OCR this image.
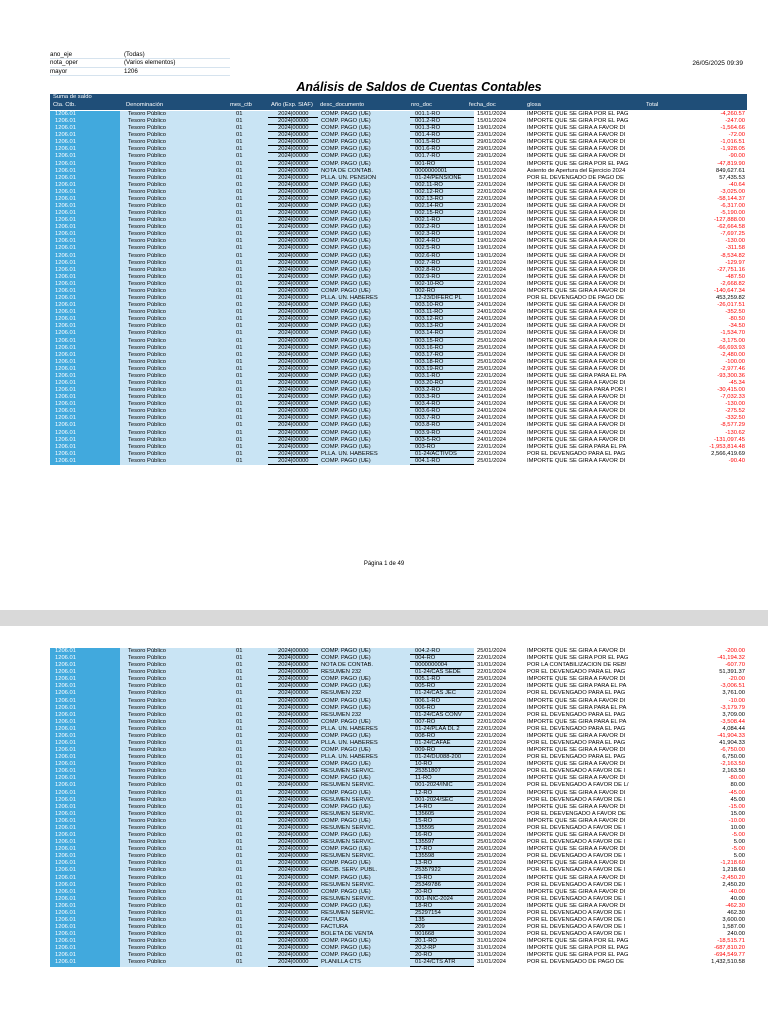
ano_eje	(Todas)
nota_oper	(Varios elementos)
mayor	1206
26/05/2025 09:39
Análisis de Saldos de Cuentas Contables
Suma de saldo
Cta. Ctb.	Denominación	mes_ctb	Año (Exp. SIAF) desc_documento	nro_doc	fecha_doc	glosa	Total
1206.01	Tesoro Público	01	2024|00000	COMP. PAGO (UE)	001.1-RO	15/01/2024	IMPORTE QUE SE GIRA POR EL PAG	-4,260.57
1206.01	Tesoro Público	01	2024|00000	COMP. PAGO (UE)	001.2-RO	15/01/2024	IMPORTE QUE SE GIRA POR EL PAG	-247.00
1206.01	Tesoro Público	01	2024|00000	COMP. PAGO (UE)	001.3-RO	19/01/2024	IMPORTE QUE SE GIRA A FAVOR DI	-1,564.66
1206.01	Tesoro Público	01	2024|00000	COMP. PAGO (UE)	001.4-RO	23/01/2024	IMPORTE QUE SE GIRA A FAVOR DI	-72.00
1206.01	Tesoro Público	01	2024|00000	COMP. PAGO (UE)	001.5-RO	29/01/2024	IMPORTE QUE SE GIRA A FAVOR DI	-1,016.51
1206.01	Tesoro Público	01	2024|00000	COMP. PAGO (UE)	001.6-RO	29/01/2024	IMPORTE QUE SE GIRA A FAVOR DI	-1,928.05
1206.01	Tesoro Público	01	2024|00000	COMP. PAGO (UE)	001.7-RO	29/01/2024	IMPORTE QUE SE GIRA A FAVOR DI	-90.00
1206.01	Tesoro Público	01	2024|00000	COMP. PAGO (UE)	001-RO	15/01/2024	IMPORTE QUE SE GIRA POR EL PAG	-47,819.90
1206.01	Tesoro Público	01	2024|00000	NOTA DE CONTAB.	0000000001	01/01/2024	Asiento de Apertura del Ejercicio 2024	849,627.61
1206.01	Tesoro Público	01	2024|00000	PLLA. UN. PENSION	01-24/PENSIONE	15/01/2024	POR EL DEVENGADO DE PAGO DE	57,435.53
1206.01	Tesoro Público	01	2024|00000	COMP. PAGO (UE)	002.11-RO	22/01/2024	IMPORTE QUE SE GIRA A FAVOR DI	-40.64
1206.01	Tesoro Público	01	2024|00000	COMP. PAGO (UE)	002.12-RO	22/01/2024	IMPORTE QUE SE GIRA A FAVOR DI	-3,025.00
1206.01	Tesoro Público	01	2024|00000	COMP. PAGO (UE)	002.13-RO	22/01/2024	IMPORTE QUE SE GIRA A FAVOR DI	-58,144.37
1206.01	Tesoro Público	01	2024|00000	COMP. PAGO (UE)	002.14-RO	23/01/2024	IMPORTE QUE SE GIRA A FAVOR DI	-6,317.00
1206.01	Tesoro Público	01	2024|00000	COMP. PAGO (UE)	002.15-RO	23/01/2024	IMPORTE QUE SE GIRA A FAVOR DI	-5,190.00
1206.01	Tesoro Público	01	2024|00000	COMP. PAGO (UE)	002.1-RO	18/01/2024	IMPORTE QUE SE GIRA A FAVOR DI	-127,888.00
1206.01	Tesoro Público	01	2024|00000	COMP. PAGO (UE)	002.2-RO	18/01/2024	IMPORTE QUE SE GIRA A FAVOR DI	-62,664.58
1206.01	Tesoro Público	01	2024|00000	COMP. PAGO (UE)	002.3-RO	19/01/2024	IMPORTE QUE SE GIRA A FAVOR DI	-7,697.25
1206.01	Tesoro Público	01	2024|00000	COMP. PAGO (UE)	002.4-RO	19/01/2024	IMPORTE QUE SE GIRA A FAVOR DI	-130.00
1206.01	Tesoro Público	01	2024|00000	COMP. PAGO (UE)	002.5-RO	19/01/2024	IMPORTE QUE SE GIRA A FAVOR DI	-311.58
1206.01	Tesoro Público	01	2024|00000	COMP. PAGO (UE)	002.6-RO	19/01/2024	IMPORTE QUE SE GIRA A FAVOR DI	-8,534.82
1206.01	Tesoro Público	01	2024|00000	COMP. PAGO (UE)	002.7-RO	19/01/2024	IMPORTE QUE SE GIRA A FAVOR DI	-129.97
1206.01	Tesoro Público	01	2024|00000	COMP. PAGO (UE)	002.8-RO	22/01/2024	IMPORTE QUE SE GIRA A FAVOR DI	-27,751.16
1206.01	Tesoro Público	01	2024|00000	COMP. PAGO (UE)	002.9-RO	22/01/2024	IMPORTE QUE SE GIRA A FAVOR DI	-487.50
1206.01	Tesoro Público	01	2024|00000	COMP. PAGO (UE)	002-10-RO	22/01/2024	IMPORTE QUE SE GIRA A FAVOR DI	-2,668.82
1206.01	Tesoro Público	01	2024|00000	COMP. PAGO (UE)	002-RO	16/01/2024	IMPORTE QUE SE GIRA A FAVOR DI	-140,647.34
1206.01	Tesoro Público	01	2024|00000	PLLA. UN. HABERES	12-23/DIFERC PL	16/01/2024	POR EL DEVENGADO DE PAGO DE	453,259.82
1206.01	Tesoro Público	01	2024|00000	COMP. PAGO (UE)	003.10-RO	24/01/2024	IMPORTE QUE SE GIRA A FAVOR DI	-26,017.51
1206.01	Tesoro Público	01	2024|00000	COMP. PAGO (UE)	003.11-RO	24/01/2024	IMPORTE QUE SE GIRA A FAVOR DI	-352.50
1206.01	Tesoro Público	01	2024|00000	COMP. PAGO (UE)	003.12-RO	24/01/2024	IMPORTE QUE SE GIRA A FAVOR DI	-80.50
1206.01	Tesoro Público	01	2024|00000	COMP. PAGO (UE)	003.13-RO	24/01/2024	IMPORTE QUE SE GIRA A FAVOR DI	-34.50
1206.01	Tesoro Público	01	2024|00000	COMP. PAGO (UE)	003.14-RO	25/01/2024	IMPORTE QUE SE GIRA A FAVOR DI	-1,534.70
1206.01	Tesoro Público	01	2024|00000	COMP. PAGO (UE)	003.15-RO	25/01/2024	IMPORTE QUE SE GIRA A FAVOR DI	-3,175.00
1206.01	Tesoro Público	01	2024|00000	COMP. PAGO (UE)	003.16-RO	25/01/2024	IMPORTE QUE SE GIRA A FAVOR DI	-66,693.93
1206.01	Tesoro Público	01	2024|00000	COMP. PAGO (UE)	003.17-RO	25/01/2024	IMPORTE QUE SE GIRA A FAVOR DI	-2,480.00
1206.01	Tesoro Público	01	2024|00000	COMP. PAGO (UE)	003.18-RO	25/01/2024	IMPORTE QUE SE GIRA A FAVOR DI	-100.00
1206.01	Tesoro Público	01	2024|00000	COMP. PAGO (UE)	003.19-RO	25/01/2024	IMPORTE QUE SE GIRA A FAVOR DI	-2,977.46
1206.01	Tesoro Público	01	2024|00000	COMP. PAGO (UE)	003.1-RO	22/01/2024	IMPORTE QUE SE GIRA PARA EL PA	-93,300.36
1206.01	Tesoro Público	01	2024|00000	COMP. PAGO (UE)	003.20-RO	25/01/2024	IMPORTE QUE SE GIRA A FAVOR DI	-45.34
1206.01	Tesoro Público	01	2024|00000	COMP. PAGO (UE)	003.2-RO	22/01/2024	IMPORTE QUE SE GIRA PARA POR I	-30,415.00
1206.01	Tesoro Público	01	2024|00000	COMP. PAGO (UE)	003.3-RO	24/01/2024	IMPORTE QUE SE GIRA A FAVOR DI	-7,032.33
1206.01	Tesoro Público	01	2024|00000	COMP. PAGO (UE)	003.4-RO	24/01/2024	IMPORTE QUE SE GIRA A FAVOR DI	-130.00
1206.01	Tesoro Público	01	2024|00000	COMP. PAGO (UE)	003.6-RO	24/01/2024	IMPORTE QUE SE GIRA A FAVOR DI	-275.52
1206.01	Tesoro Público	01	2024|00000	COMP. PAGO (UE)	003.7-RO	24/01/2024	IMPORTE QUE SE GIRA A FAVOR DI	-332.50
1206.01	Tesoro Público	01	2024|00000	COMP. PAGO (UE)	003.8-RO	24/01/2024	IMPORTE QUE SE GIRA A FAVOR DI	-8,577.29
1206.01	Tesoro Público	01	2024|00000	COMP. PAGO (UE)	003.9-RO	24/01/2024	IMPORTE QUE SE GIRA A FAVOR DI	-130.62
1206.01	Tesoro Público	01	2024|00000	COMP. PAGO (UE)	003-5-RO	24/01/2024	IMPORTE QUE SE GIRA A FAVOR DI	-131,097.45
1206.01	Tesoro Público	01	2024|00000	COMP. PAGO (UE)	003-RO	22/01/2024	IMPORTE QUE SE GIRA PARA EL PA	-1,953,814.48
1206.01	Tesoro Público	01	2024|00000	PLLA. UN. HABERES	01-24/ACTIVOS	22/01/2024	POR EL DEVENGADO PARA EL PAG	2,566,419.69
1206.01	Tesoro Público	01	2024|00000	COMP. PAGO (UE)	004.1-RO	25/01/2024	IMPORTE QUE SE GIRA A FAVOR DI	-90.40
Página 1 de 49
1206.01	Tesoro Público	01	2024|00000	COMP. PAGO (UE)	004.2-RO	25/01/2024	IMPORTE QUE SE GIRA A FAVOR DI	-200.00
1206.01	Tesoro Público	01	2024|00000	COMP. PAGO (UE)	004-RO	22/01/2024	IMPORTE QUE SE GIRA POR EL PAG	-41,194.32
1206.01	Tesoro Público	01	2024|00000	NOTA DE CONTAB.	0000000004	31/01/2024	POR LA CONTABILIZACION DE REB!	-607.70
1206.01	Tesoro Público	01	2024|00000	RESUMEN 232	01-24/CAS SEDE	22/01/2024	POR EL DEVENGADO PARA EL PAG	51,391.37
1206.01	Tesoro Público	01	2024|00000	COMP. PAGO (UE)	005.1-RO	25/01/2024	IMPORTE QUE SE GIRA A FAVOR DI	-20.00
1206.01	Tesoro Público	01	2024|00000	COMP. PAGO (UE)	005-RO	22/01/2024	IMPORTE QUE SE GIRA PARA EL PA	-3,006.51
1206.01	Tesoro Público	01	2024|00000	RESUMEN 232	01-24/CAS JEC	22/01/2024	POR EL DEVENGADO PARA EL PAG	3,761.00
1206.01	Tesoro Público	01	2024|00000	COMP. PAGO (UE)	006.1-RO	25/01/2024	IMPORTE QUE SE GIRA A FAVOR DI	-10.00
1206.01	Tesoro Público	01	2024|00000	COMP. PAGO (UE)	006-RO	22/01/2024	IMPORTE QUE SE GIRA PARA EL PA	-3,179.79
1206.01	Tesoro Público	01	2024|00000	RESUMEN 232	01-24/CAS CONV	22/01/2024	POR EL DEVENGADO PARA EL PAG	3,709.00
1206.01	Tesoro Público	01	2024|00000	COMP. PAGO (UE)	007-RO	22/01/2024	IMPORTE QUE SE GIRA PARA EL PA	-3,508.44
1206.01	Tesoro Público	01	2024|00000	PLLA. UN. HABERES	01-24/PLAA DL 2	22/01/2024	POR EL DEVENGADO PARA EL PAG	4,084.44
1206.01	Tesoro Público	01	2024|00000	COMP. PAGO (UE)	008-RO	22/01/2024	IMPORTE QUE SE GIRA A FAVOR DI	-41,904.33
1206.01	Tesoro Público	01	2024|00000	PLLA. UN. HABERES	01-24/CAFAE	22/01/2024	POR EL DEVENGADO PARA EL PAG	41,904.33
1206.01	Tesoro Público	01	2024|00000	COMP. PAGO (UE)	009-RO	22/01/2024	IMPORTE QUE SE GIRA A FAVOR DI	-6,750.00
1206.01	Tesoro Público	01	2024|00000	PLLA. UN. HABERES	01-24/DU088-200	22/01/2024	POR EL DEVENGADO PARA EL PAG	6,750.00
1206.01	Tesoro Público	01	2024|00000	COMP. PAGO (UE)	10-RO	25/01/2024	IMPORTE QUE SE GIRA A FAVOR DI	-2,163.50
1206.01	Tesoro Público	01	2024|00000	RESUMEN SERVIC.	25351807	25/01/2024	POR EL DEVENGADO A FAVOR DE I	2,163.50
1206.01	Tesoro Público	01	2024|00000	COMP. PAGO (UE)	11-RO	25/01/2024	IMPORTE QUE SE GIRA A FAVOR DI	-80.00
1206.01	Tesoro Público	01	2024|00000	RESUMEN SERVIC.	001-2024/INIC	25/01/2024	POR EL DEVENGADO A FAVOR DE L/	80.00
1206.01	Tesoro Público	01	2024|00000	COMP. PAGO (UE)	12-RO	25/01/2024	IMPORTE QUE SE GIRA A FAVOR DI	-45.00
1206.01	Tesoro Público	01	2024|00000	RESUMEN SERVIC.	001-2024/SEC	25/01/2024	POR EL DEVENGADO A FAVOR DE I	45.00
1206.01	Tesoro Público	01	2024|00000	COMP. PAGO (UE)	14-RO	26/01/2024	IMPORTE QUE SE GIRA A FAVOR DI	-15.00
1206.01	Tesoro Público	01	2024|00000	RESUMEN SERVIC.	135605	25/01/2024	POR EL DEEVENGADO A FAVOR DE	15.00
1206.01	Tesoro Público	01	2024|00000	COMP. PAGO (UE)	15-RO	26/01/2024	IMPORTE QUE SE GIRA A FAVOR DI	-10.00
1206.01	Tesoro Público	01	2024|00000	RESUMEN SERVIC.	135595	25/01/2024	POR EL DEVENGADO A FAVOR DE I	10.00
1206.01	Tesoro Público	01	2024|00000	COMP. PAGO (UE)	16-RO	26/01/2024	IMPORTE QUE SE GIRA A FAVOR DI	-5.00
1206.01	Tesoro Público	01	2024|00000	RESUMEN SERVIC.	135597	25/01/2024	POR EL DEVENGADO A FAVOR DE I	5.00
1206.01	Tesoro Público	01	2024|00000	COMP. PAGO (UE)	17-RO	26/01/2024	IMPORTE QUE SE GIRA A FAVOR DI	-5.00
1206.01	Tesoro Público	01	2024|00000	RESUMEN SERVIC.	135598	25/01/2024	POR EL DEVENGADO A FAVOR DE I	5.00
1206.01	Tesoro Público	01	2024|00000	COMP. PAGO (UE)	13-RO	25/01/2024	IMPORTE QUE SE GIRA A FAVOR DI	-1,218.60
1206.01	Tesoro Público	01	2024|00000	RECIB. SERV. PUBL.	25357922	25/01/2024	POR EL DEVENGADO A FAVOR DE I	1,218.60
1206.01	Tesoro Público	01	2024|00000	COMP. PAGO (UE)	19-RO	26/01/2024	IMPORTE QUE SE GIRA A FAVOR DI	-2,450.20
1206.01	Tesoro Público	01	2024|00000	RESUMEN SERVIC.	25349786	26/01/2024	POR EL DEVENGADO A FAVOR DE I	2,450.20
1206.01	Tesoro Público	01	2024|00000	COMP. PAGO (UE)	20-RO	26/01/2024	IMPORTE QUE SE GIRA A FAVOR DI	-40.00
1206.01	Tesoro Público	01	2024|00000	RESUMEN SERVIC.	001-INIC-2024	26/01/2024	POR EL DEVENGADO A FAVOR DE I	40.00
1206.01	Tesoro Público	01	2024|00000	COMP. PAGO (UE)	18-RO	26/01/2024	IMPORTE QUE SE GIRA A FAVOR DI	-462.30
1206.01	Tesoro Público	01	2024|00000	RESUMEN SERVIC.	25297154	26/01/2024	POR EL DEVENGADO A FAVOR DE I	462.30
1206.01	Tesoro Público	01	2024|00000	FACTURA	135	30/01/2024	POR EL DEVENGADO A FAVOR DE I	3,600.00
1206.01	Tesoro Público	01	2024|00000	FACTURA	209	29/01/2024	POR EL DEVENGADO A FAVOR DE I	1,587.00
1206.01	Tesoro Público	01	2024|00000	BOLETA DE VENTA	001668	30/01/2024	POR EL DEVENGADO A FAVOR DE I	240.00
1206.01	Tesoro Público	01	2024|00000	COMP. PAGO (UE)	20.1-RO	31/01/2024	IMPORTE QUE SE GIRA POR EL PAG	-18,515.71
1206.01	Tesoro Público	01	2024|00000	COMP. PAGO (UE)	20.2-RP	31/01/2024	IMPORTE QUE SE GIRA POR EL PAG	-687,810.20
1206.01	Tesoro Público	01	2024|00000	COMP. PAGO (UE)	20-RO	31/01/2024	IMPORTE QUE SE GIRA POR EL PAG	-694,549.77
1206.01	Tesoro Público	01	2024|00000	PLANILLA CTS	01-24/CTS ATR	31/01/2024	POR EL DEVENGADO DE PAGO DE	1,432,510.58
